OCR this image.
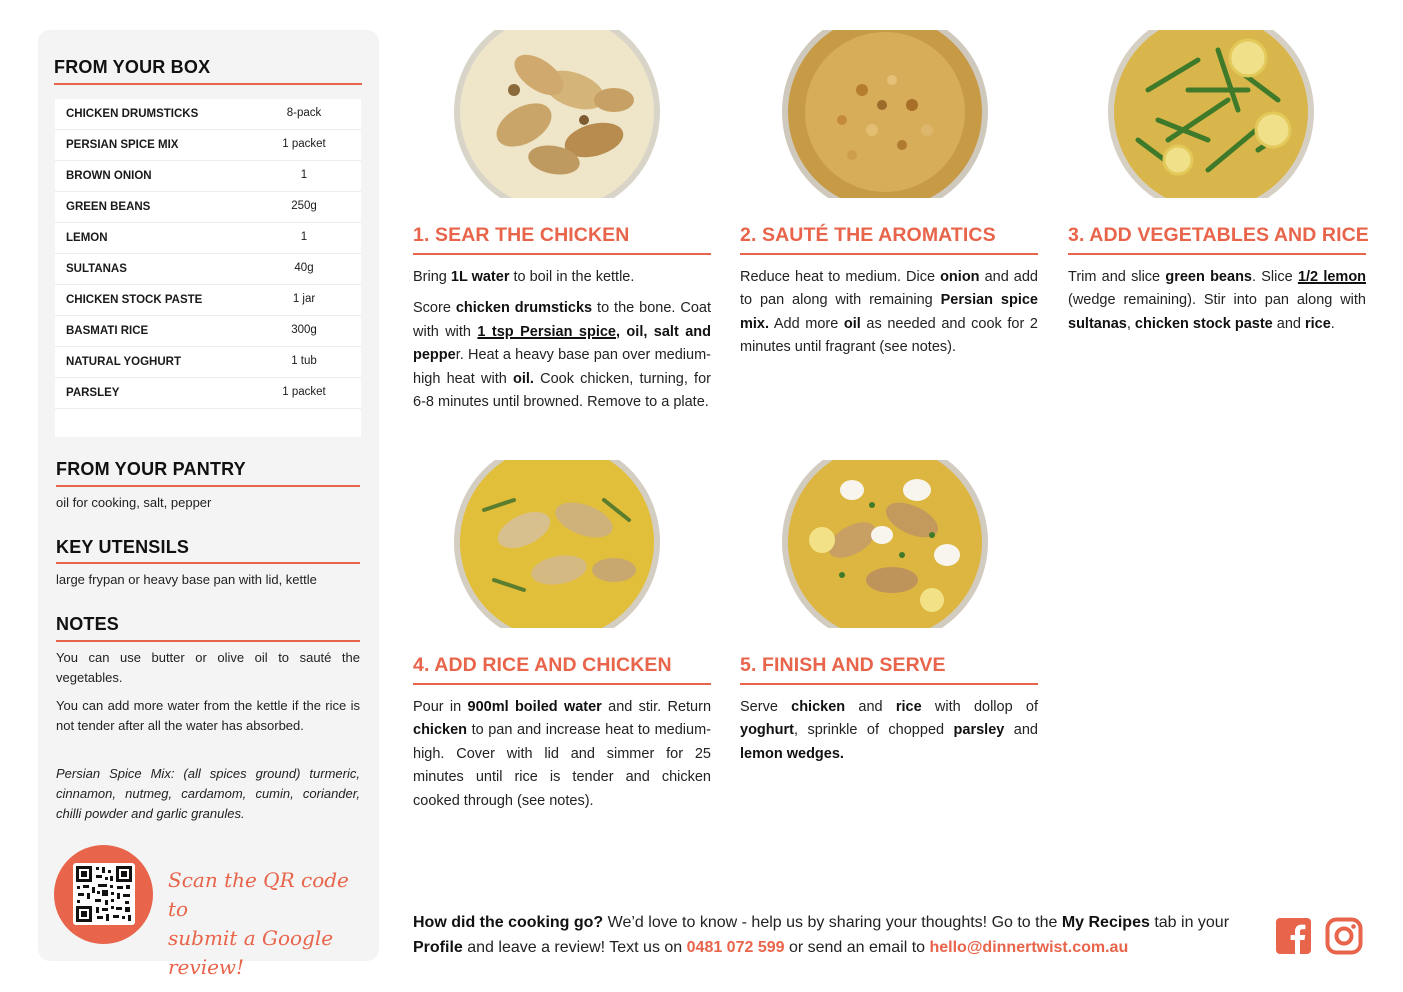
FROM YOUR BOX
CHICKEN DRUMSTICKS	8-pack
PERSIAN SPICE MIX	1 packet
BROWN ONION	1
GREEN BEANS	250g
LEMON	1
SULTANAS	40g
CHICKEN STOCK PASTE	1 jar
BASMATI RICE	300g
NATURAL YOGHURT	1 tub
PARSLEY	1 packet
FROM YOUR PANTRY
oil for cooking, salt, pepper
KEY UTENSILS
large frypan or heavy base pan with lid, kettle
NOTES
You can use butter or olive oil to sauté the vegetables.
You can add more water from the kettle if the rice is not tender after all the water has absorbed.
Persian Spice Mix: (all spices ground) turmeric, cinnamon, nutmeg, cardamom, cumin, coriander, chilli powder and garlic granules.
Scan the QR code to
submit a Google review!
1. SEAR THE CHICKEN

Bring 1L water to boil in the kettle.

Score chicken drumsticks to the bone. Coat with with 1 tsp Persian spice, oil, salt and pepper. Heat a heavy base pan over medium-high heat with oil. Cook chicken, turning, for 6-8 minutes until browned. Remove to a plate.

2. SAUTÉ THE AROMATICS

Reduce heat to medium. Dice onion and add to pan along with remaining Persian spice mix. Add more oil as needed and cook for 2 minutes until fragrant (see notes).

3. ADD VEGETABLES AND RICE

Trim and slice green beans. Slice 1/2 lemon (wedge remaining). Stir into pan along with sultanas, chicken stock paste and rice.

4. ADD RICE AND CHICKEN

Pour in 900ml boiled water and stir. Return chicken to pan and increase heat to medium-high. Cover with lid and simmer for 25 minutes until rice is tender and chicken cooked through (see notes).

5. FINISH AND SERVE

Serve chicken and rice with dollop of yoghurt, sprinkle of chopped parsley and lemon wedges.

How did the cooking go? We’d love to know - help us by sharing your thoughts! Go to the My Recipes tab in your Profile and leave a review! Text us on 0481 072 599 or send an email to hello@dinnertwist.com.au
